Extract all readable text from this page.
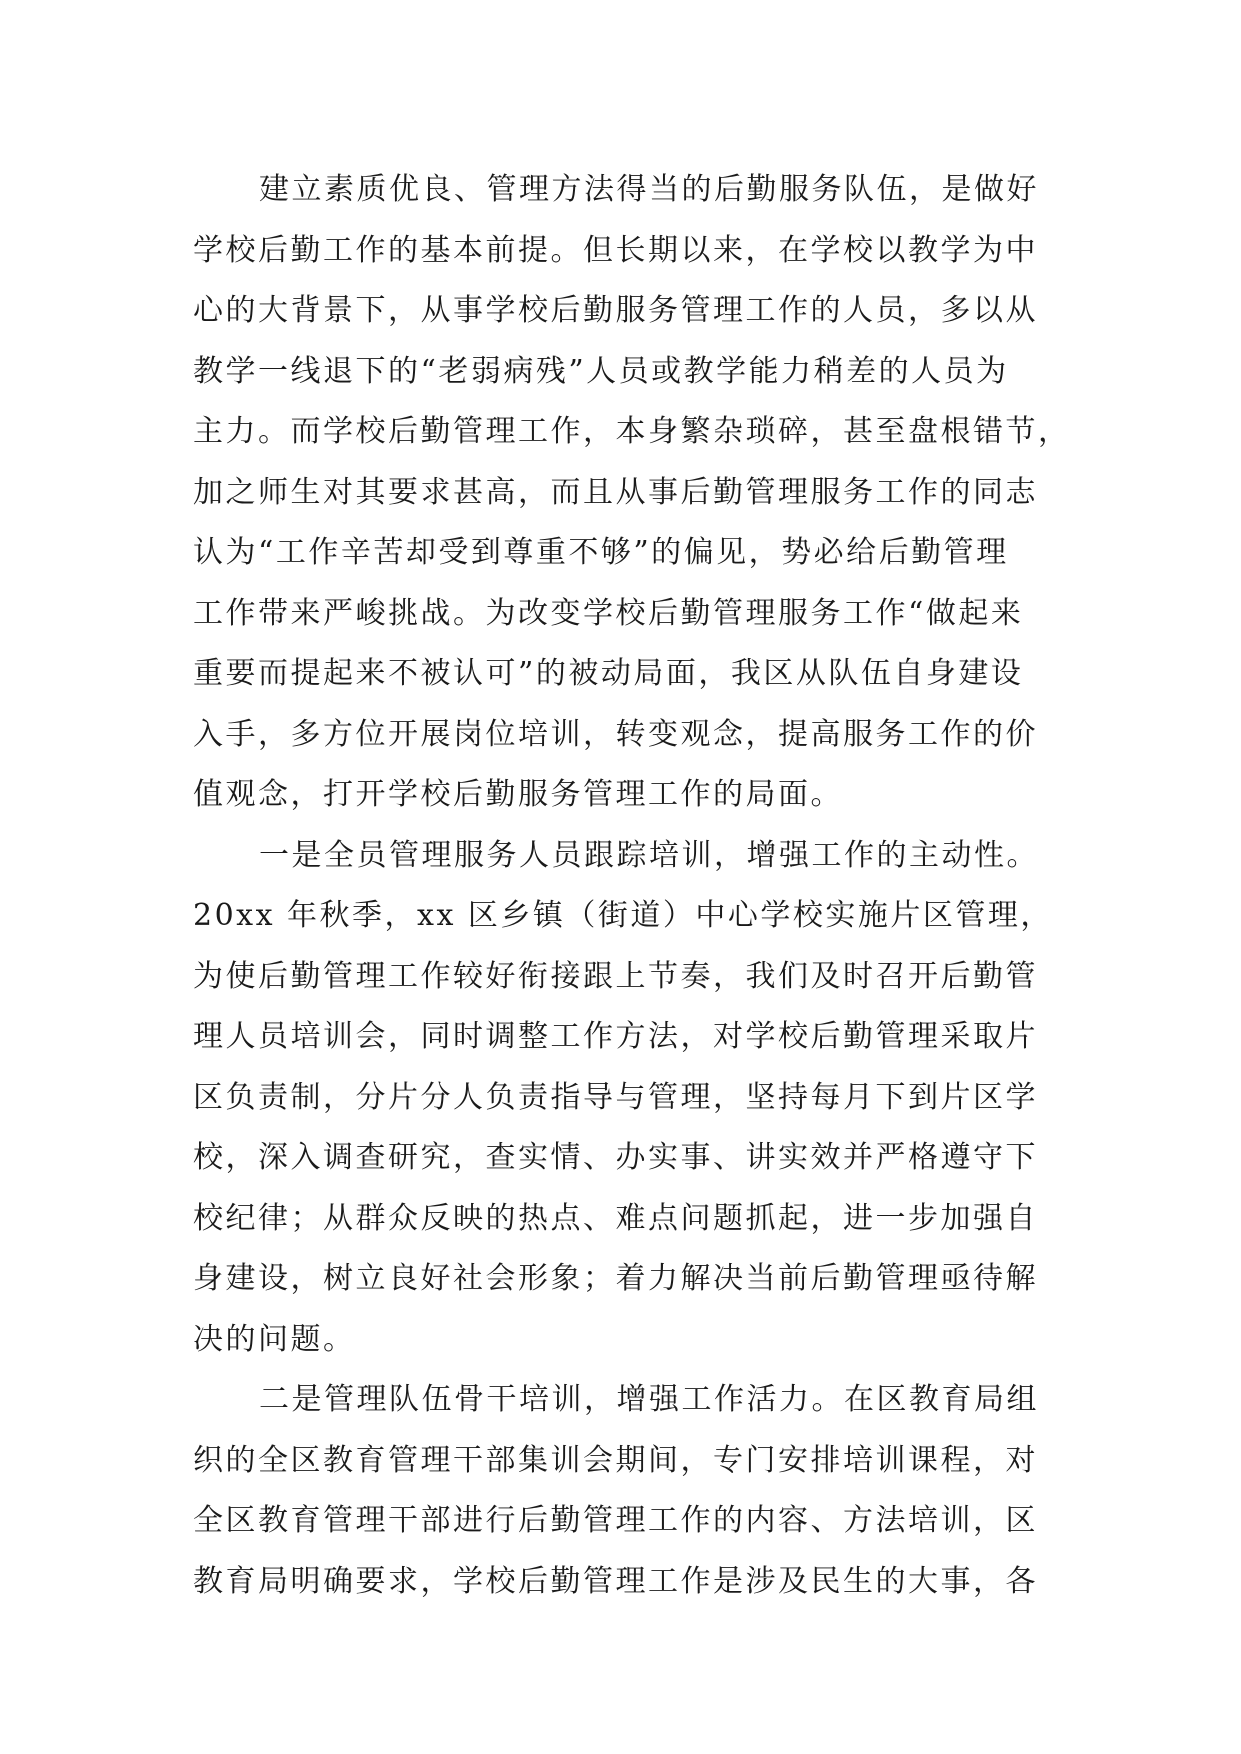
建立素质优良、管理方法得当的后勤服务队伍，是做好
学校后勤工作的基本前提。但长期以来，在学校以教学为中
心的大背景下，从事学校后勤服务管理工作的人员，多以从
教学一线退下的“老弱病残”人员或教学能力稍差的人员为
主力。而学校后勤管理工作，本身繁杂琐碎，甚至盘根错节，
加之师生对其要求甚高，而且从事后勤管理服务工作的同志
认为“工作辛苦却受到尊重不够”的偏见，势必给后勤管理
工作带来严峻挑战。为改变学校后勤管理服务工作“做起来
重要而提起来不被认可”的被动局面，我区从队伍自身建设
入手，多方位开展岗位培训，转变观念，提高服务工作的价
值观念，打开学校后勤服务管理工作的局面。
一是全员管理服务人员跟踪培训，增强工作的主动性。
20xx 年秋季，xx 区乡镇（街道）中心学校实施片区管理，
为使后勤管理工作较好衔接跟上节奏，我们及时召开后勤管
理人员培训会，同时调整工作方法，对学校后勤管理采取片
区负责制，分片分人负责指导与管理，坚持每月下到片区学
校，深入调查研究，查实情、办实事、讲实效并严格遵守下
校纪律；从群众反映的热点、难点问题抓起，进一步加强自
身建设，树立良好社会形象；着力解决当前后勤管理亟待解
决的问题。
二是管理队伍骨干培训，增强工作活力。在区教育局组
织的全区教育管理干部集训会期间，专门安排培训课程，对
全区教育管理干部进行后勤管理工作的内容、方法培训，区
教育局明确要求，学校后勤管理工作是涉及民生的大事，各
